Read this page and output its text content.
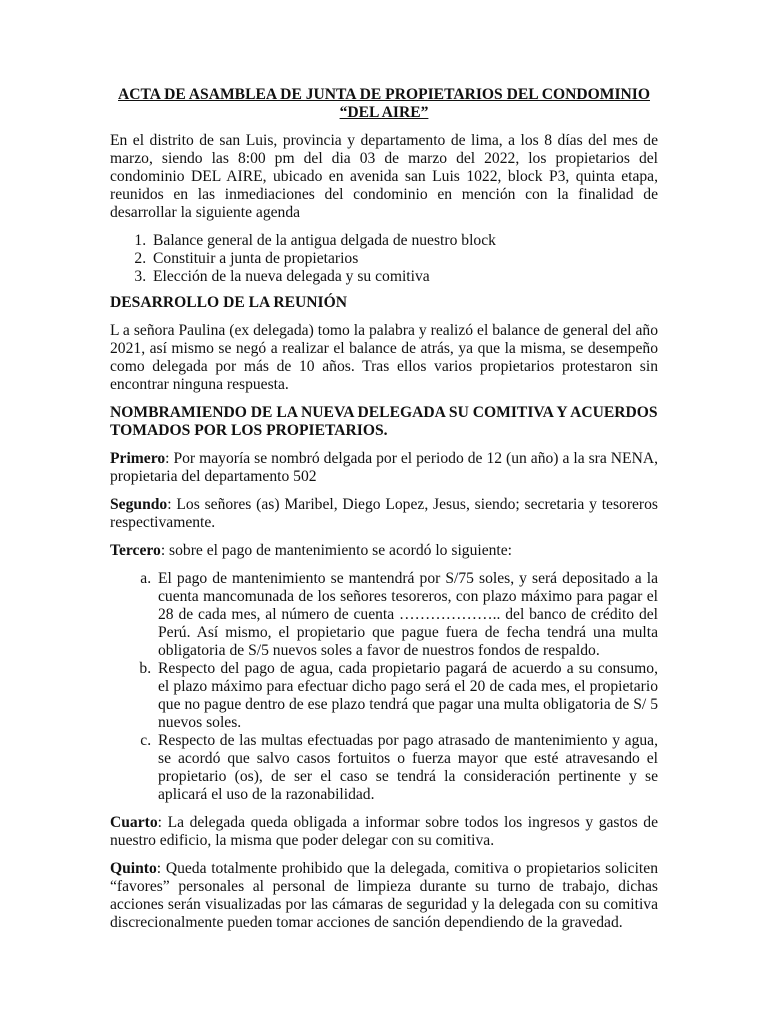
ACTA DE ASAMBLEA DE JUNTA DE PROPIETARIOS DEL CONDOMINIO
“DEL AIRE”

En el distrito de san Luis, provincia y departamento de lima, a los 8 días del mes de marzo, siendo las 8:00 pm del dia 03 de marzo del 2022, los propietarios del condominio DEL AIRE, ubicado en avenida san Luis 1022, block P3, quinta etapa, reunidos en las inmediaciones del condominio en mención con la finalidad de desarrollar la siguiente agenda

1. Balance general de la antigua delgada de nuestro block
2. Constituir a junta de propietarios
3. Elección de la nueva delegada y su comitiva
DESARROLLO DE LA REUNIÓN

L a señora Paulina (ex delegada) tomo la palabra y realizó el balance de general del año 2021, así mismo se negó a realizar el balance de atrás, ya que la misma, se desempeño como delegada por más de 10 años. Tras ellos varios propietarios protestaron sin encontrar ninguna respuesta.

NOMBRAMIENDO DE LA NUEVA DELEGADA SU COMITIVA Y ACUERDOS TOMADOS POR LOS PROPIETARIOS.

Primero: Por mayoría se nombró delgada por el periodo de 12 (un año) a la sra NENA, propietaria del departamento 502

Segundo: Los señores (as) Maribel, Diego Lopez, Jesus, siendo; secretaria y tesoreros respectivamente.

Tercero: sobre el pago de mantenimiento se acordó lo siguiente:

a. El pago de mantenimiento se mantendrá por S/75 soles, y será depositado a la cuenta mancomunada de los señores tesoreros, con plazo máximo para pagar el 28 de cada mes, al número de cuenta ……………….. del banco de crédito del Perú. Así mismo, el propietario que pague fuera de fecha tendrá una multa obligatoria de S/5 nuevos soles a favor de nuestros fondos de respaldo.
b. Respecto del pago de agua, cada propietario pagará de acuerdo a su consumo, el plazo máximo para efectuar dicho pago será el 20 de cada mes, el propietario que no pague dentro de ese plazo tendrá que pagar una multa obligatoria de S/ 5 nuevos soles.
c. Respecto de las multas efectuadas por pago atrasado de mantenimiento y agua, se acordó que salvo casos fortuitos o fuerza mayor que esté atravesando el propietario (os), de ser el caso se tendrá la consideración pertinente y se aplicará el uso de la razonabilidad.

Cuarto: La delegada queda obligada a informar sobre todos los ingresos y gastos de nuestro edificio, la misma que poder delegar con su comitiva.

Quinto: Queda totalmente prohibido que la delegada, comitiva o propietarios soliciten “favores” personales al personal de limpieza durante su turno de trabajo, dichas acciones serán visualizadas por las cámaras de seguridad y la delegada con su comitiva discrecionalmente pueden tomar acciones de sanción dependiendo de la gravedad.
